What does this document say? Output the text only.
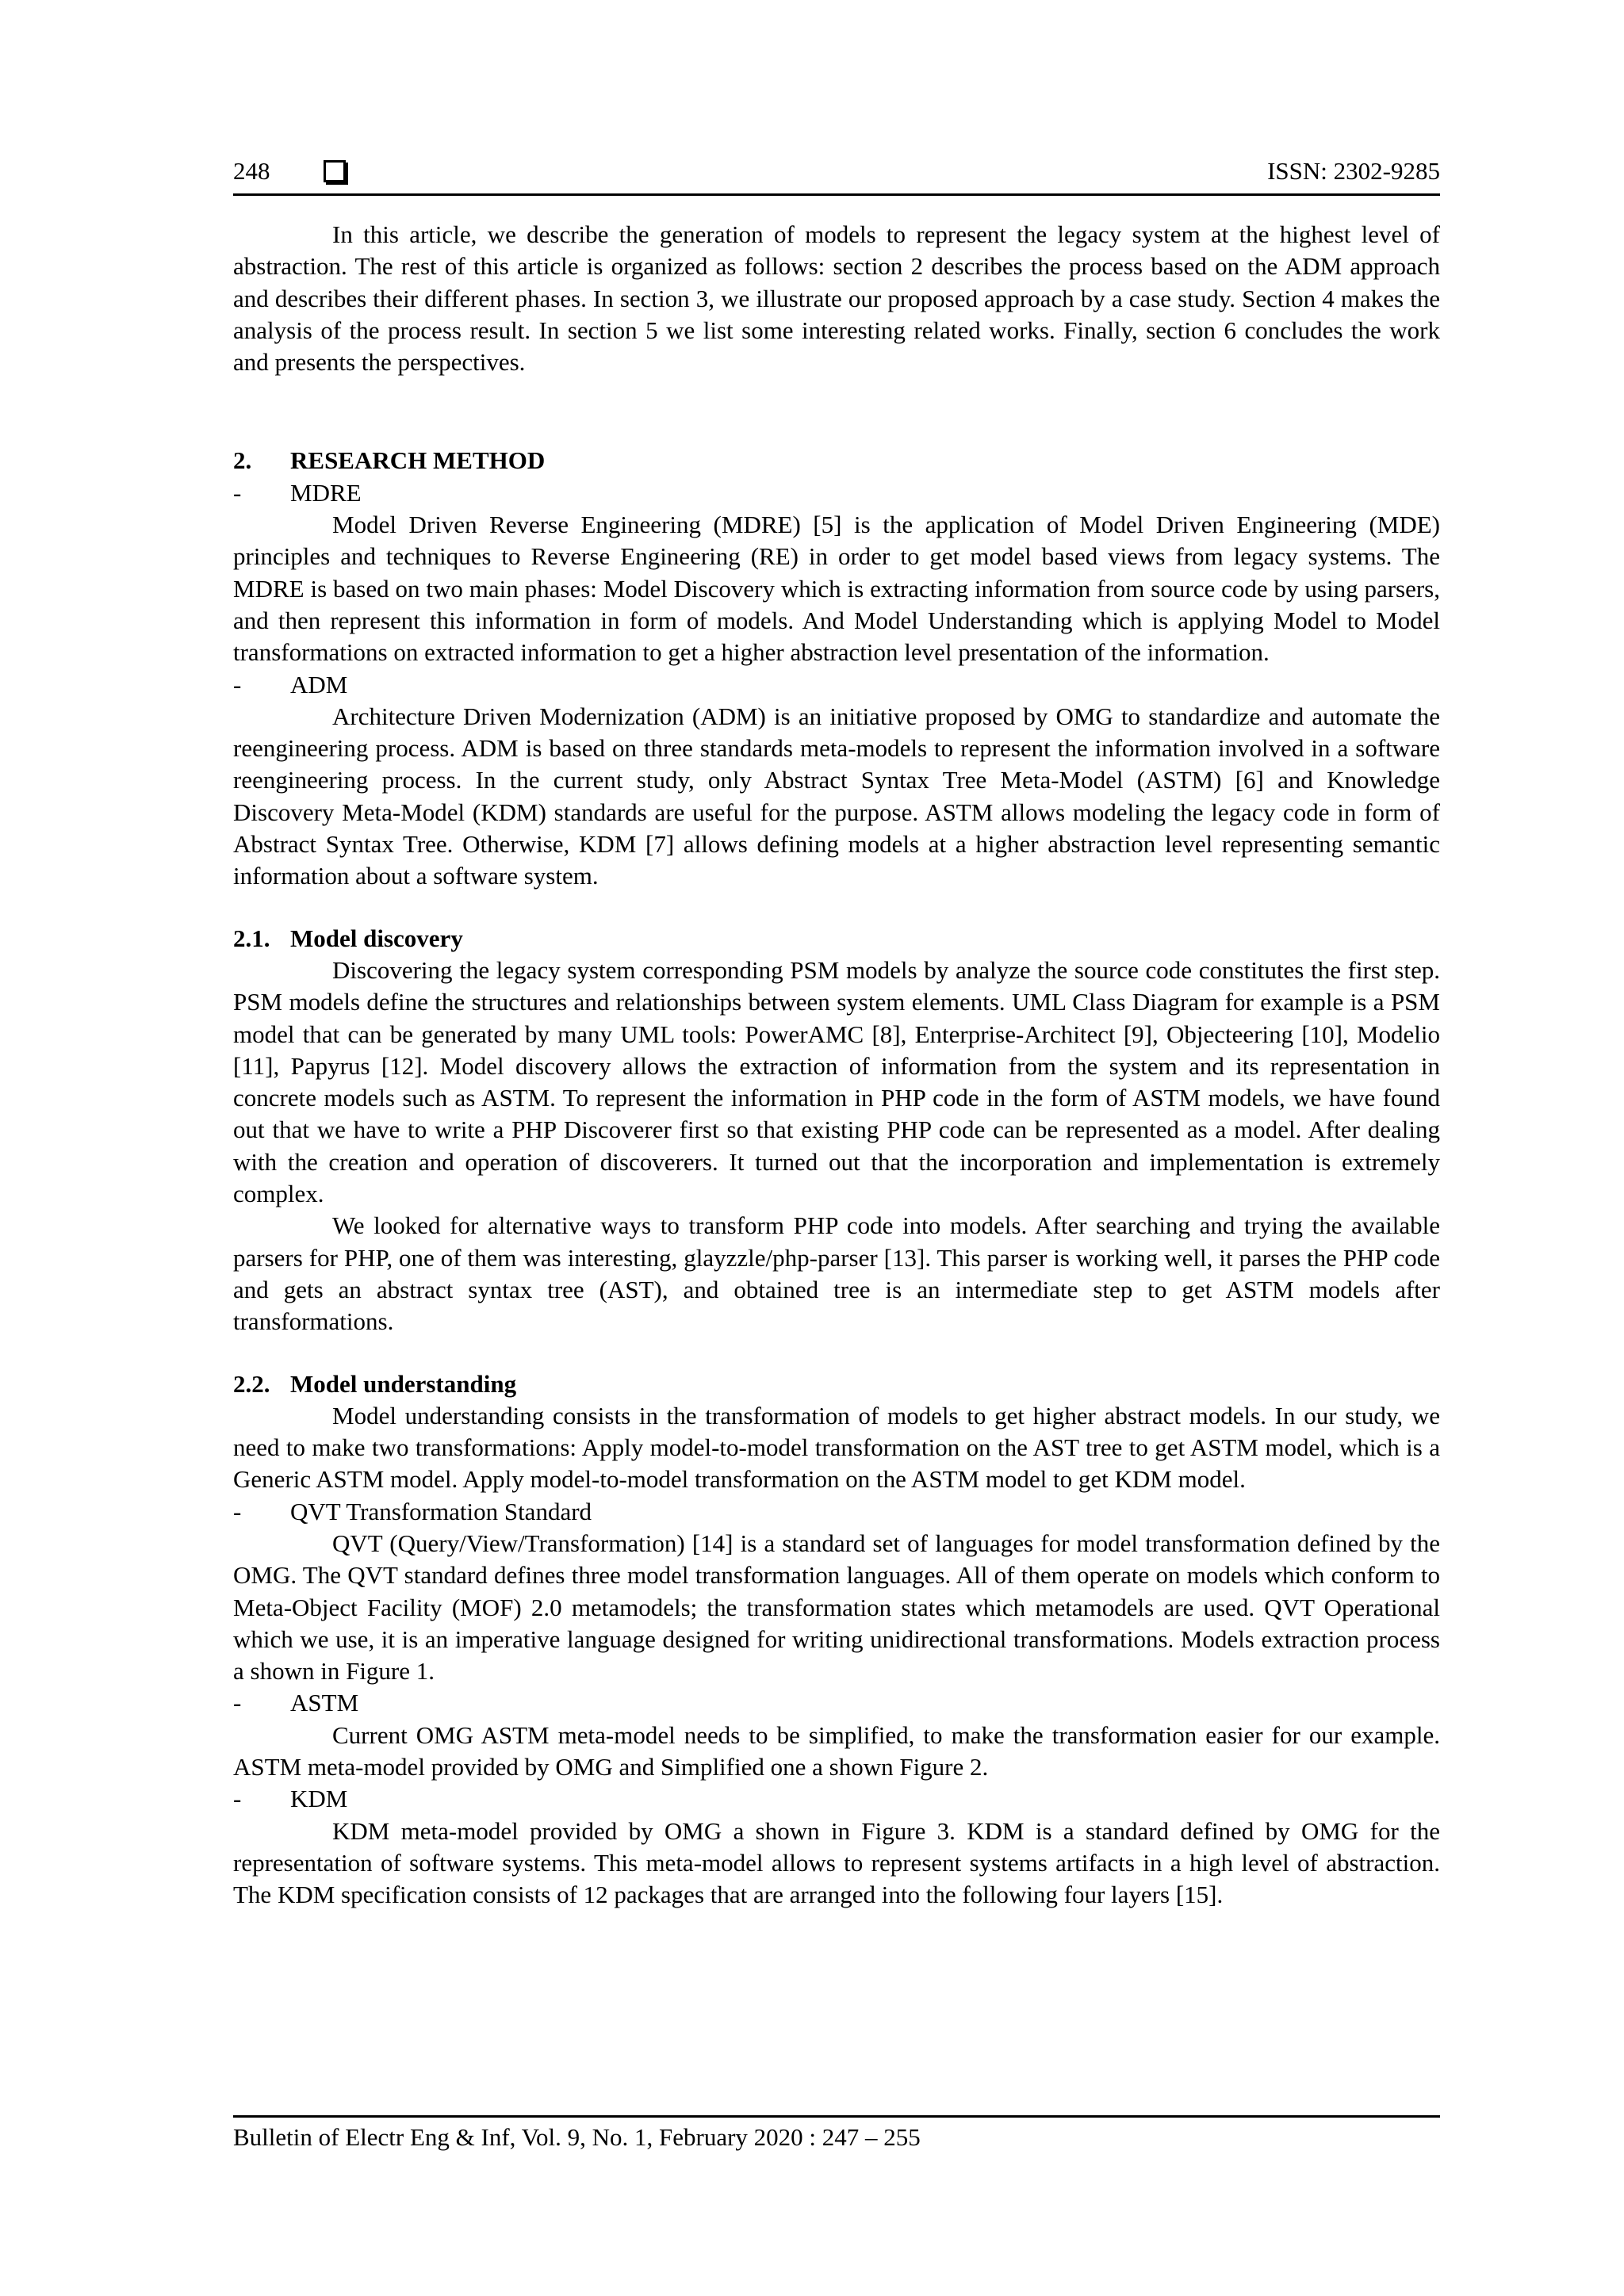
248	ISSN: 2302-9285

In this article, we describe the generation of models to represent the legacy system at the highest level of abstraction. The rest of this article is organized as follows: section 2 describes the process based on the ADM approach and describes their different phases. In section 3, we illustrate our proposed approach by a case study. Section 4 makes the analysis of the process result. In section 5 we list some interesting related works. Finally, section 6 concludes the work and presents the perspectives.

2. RESEARCH METHOD
- MDRE

Model Driven Reverse Engineering (MDRE) [5] is the application of Model Driven Engineering (MDE) principles and techniques to Reverse Engineering (RE) in order to get model based views from legacy systems. The MDRE is based on two main phases: Model Discovery which is extracting information from source code by using parsers, and then represent this information in form of models. And Model Understanding which is applying Model to Model transformations on extracted information to get a higher abstraction level presentation of the information.

- ADM

Architecture Driven Modernization (ADM) is an initiative proposed by OMG to standardize and automate the reengineering process. ADM is based on three standards meta-models to represent the information involved in a software reengineering process. In the current study, only Abstract Syntax Tree Meta-Model (ASTM) [6] and Knowledge Discovery Meta-Model (KDM) standards are useful for the purpose. ASTM allows modeling the legacy code in form of Abstract Syntax Tree. Otherwise, KDM [7] allows defining models at a higher abstraction level representing semantic information about a software system.

2.1. Model discovery

Discovering the legacy system corresponding PSM models by analyze the source code constitutes the first step. PSM models define the structures and relationships between system elements. UML Class Diagram for example is a PSM model that can be generated by many UML tools: PowerAMC [8], Enterprise-Architect [9], Objecteering [10], Modelio [11], Papyrus [12]. Model discovery allows the extraction of information from the system and its representation in concrete models such as ASTM. To represent the information in PHP code in the form of ASTM models, we have found out that we have to write a PHP Discoverer first so that existing PHP code can be represented as a model. After dealing with the creation and operation of discoverers. It turned out that the incorporation and implementation is extremely complex.

We looked for alternative ways to transform PHP code into models. After searching and trying the available parsers for PHP, one of them was interesting, glayzzle/php-parser [13]. This parser is working well, it parses the PHP code and gets an abstract syntax tree (AST), and obtained tree is an intermediate step to get ASTM models after transformations.

2.2. Model understanding

Model understanding consists in the transformation of models to get higher abstract models. In our study, we need to make two transformations: Apply model-to-model transformation on the AST tree to get ASTM model, which is a Generic ASTM model. Apply model-to-model transformation on the ASTM model to get KDM model.

- QVT Transformation Standard

QVT (Query/View/Transformation) [14] is a standard set of languages for model transformation defined by the OMG. The QVT standard defines three model transformation languages. All of them operate on models which conform to Meta-Object Facility (MOF) 2.0 metamodels; the transformation states which metamodels are used. QVT Operational which we use, it is an imperative language designed for writing unidirectional transformations. Models extraction process a shown in Figure 1.

- ASTM

Current OMG ASTM meta-model needs to be simplified, to make the transformation easier for our example. ASTM meta-model provided by OMG and Simplified one a shown Figure 2.

- KDM

KDM meta-model provided by OMG a shown in Figure 3. KDM is a standard defined by OMG for the representation of software systems. This meta-model allows to represent systems artifacts in a high level of abstraction. The KDM specification consists of 12 packages that are arranged into the following four layers [15].

Bulletin of Electr Eng & Inf, Vol. 9, No. 1, February 2020 : 247 – 255
